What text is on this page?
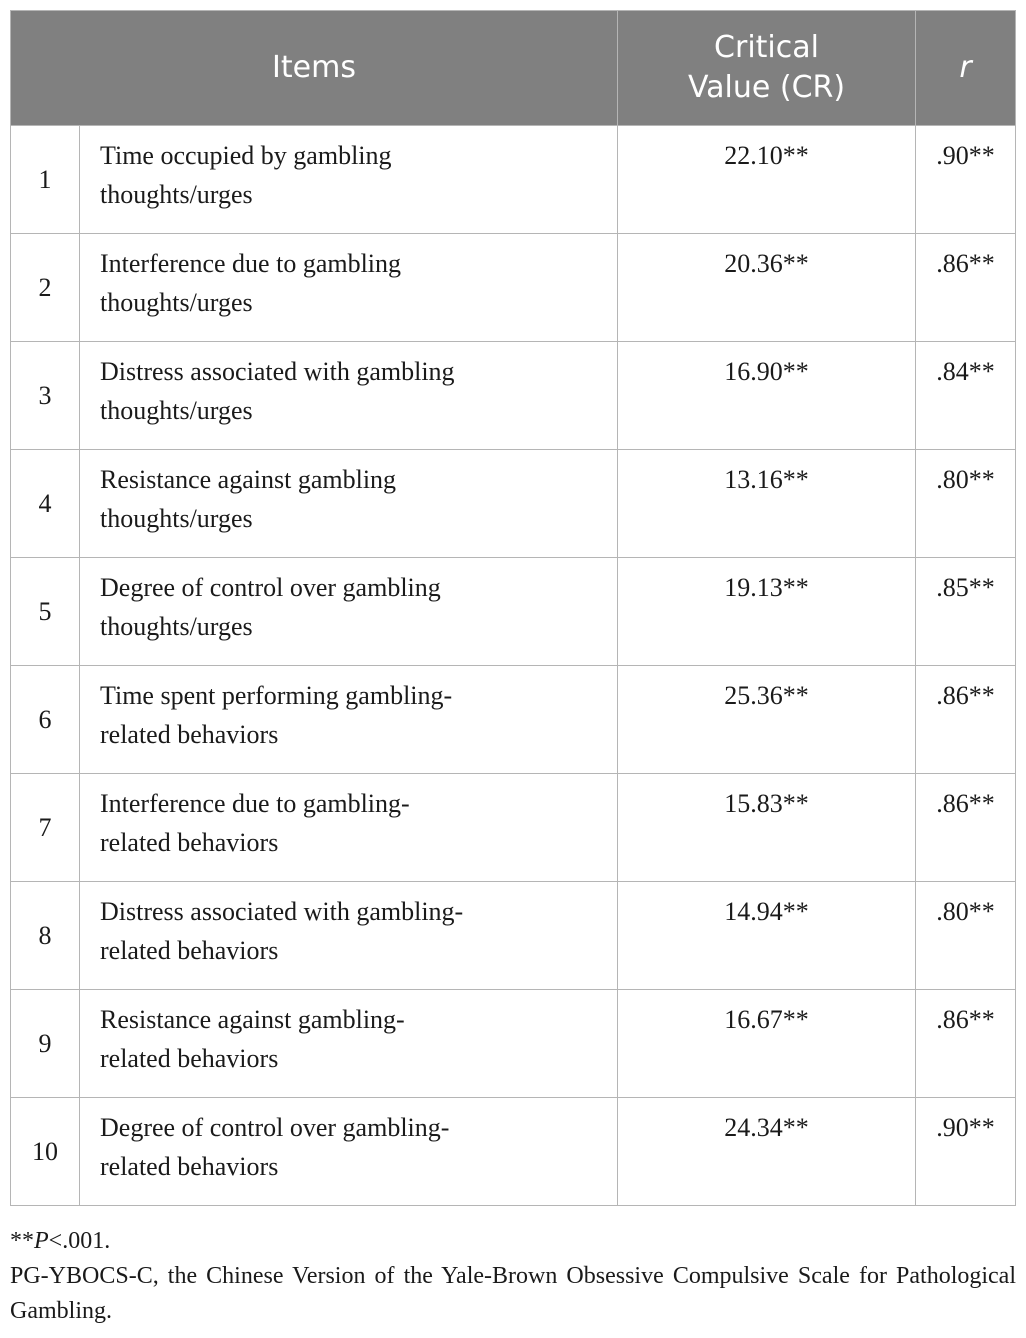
Items		Critical
Value (CR)	r
1	Time occupied by gambling
thoughts/urges	22.10**	.90**
2	Interference due to gambling
thoughts/urges	20.36**	.86**
3	Distress associated with gambling
thoughts/urges	16.90**	.84**
4	Resistance against gambling
thoughts/urges	13.16**	.80**
5	Degree of control over gambling
thoughts/urges	19.13**	.85**
6	Time spent performing gambling-
related behaviors	25.36**	.86**
7	Interference due to gambling-
related behaviors	15.83**	.86**
8	Distress associated with gambling-
related behaviors	14.94**	.80**
9	Resistance against gambling-
related behaviors	16.67**	.86**
10	Degree of control over gambling-
related behaviors	24.34**	.90**

**P<.001.

PG-YBOCS-C, the Chinese Version of the Yale-Brown Obsessive Compulsive Scale for Pathological Gambling.
